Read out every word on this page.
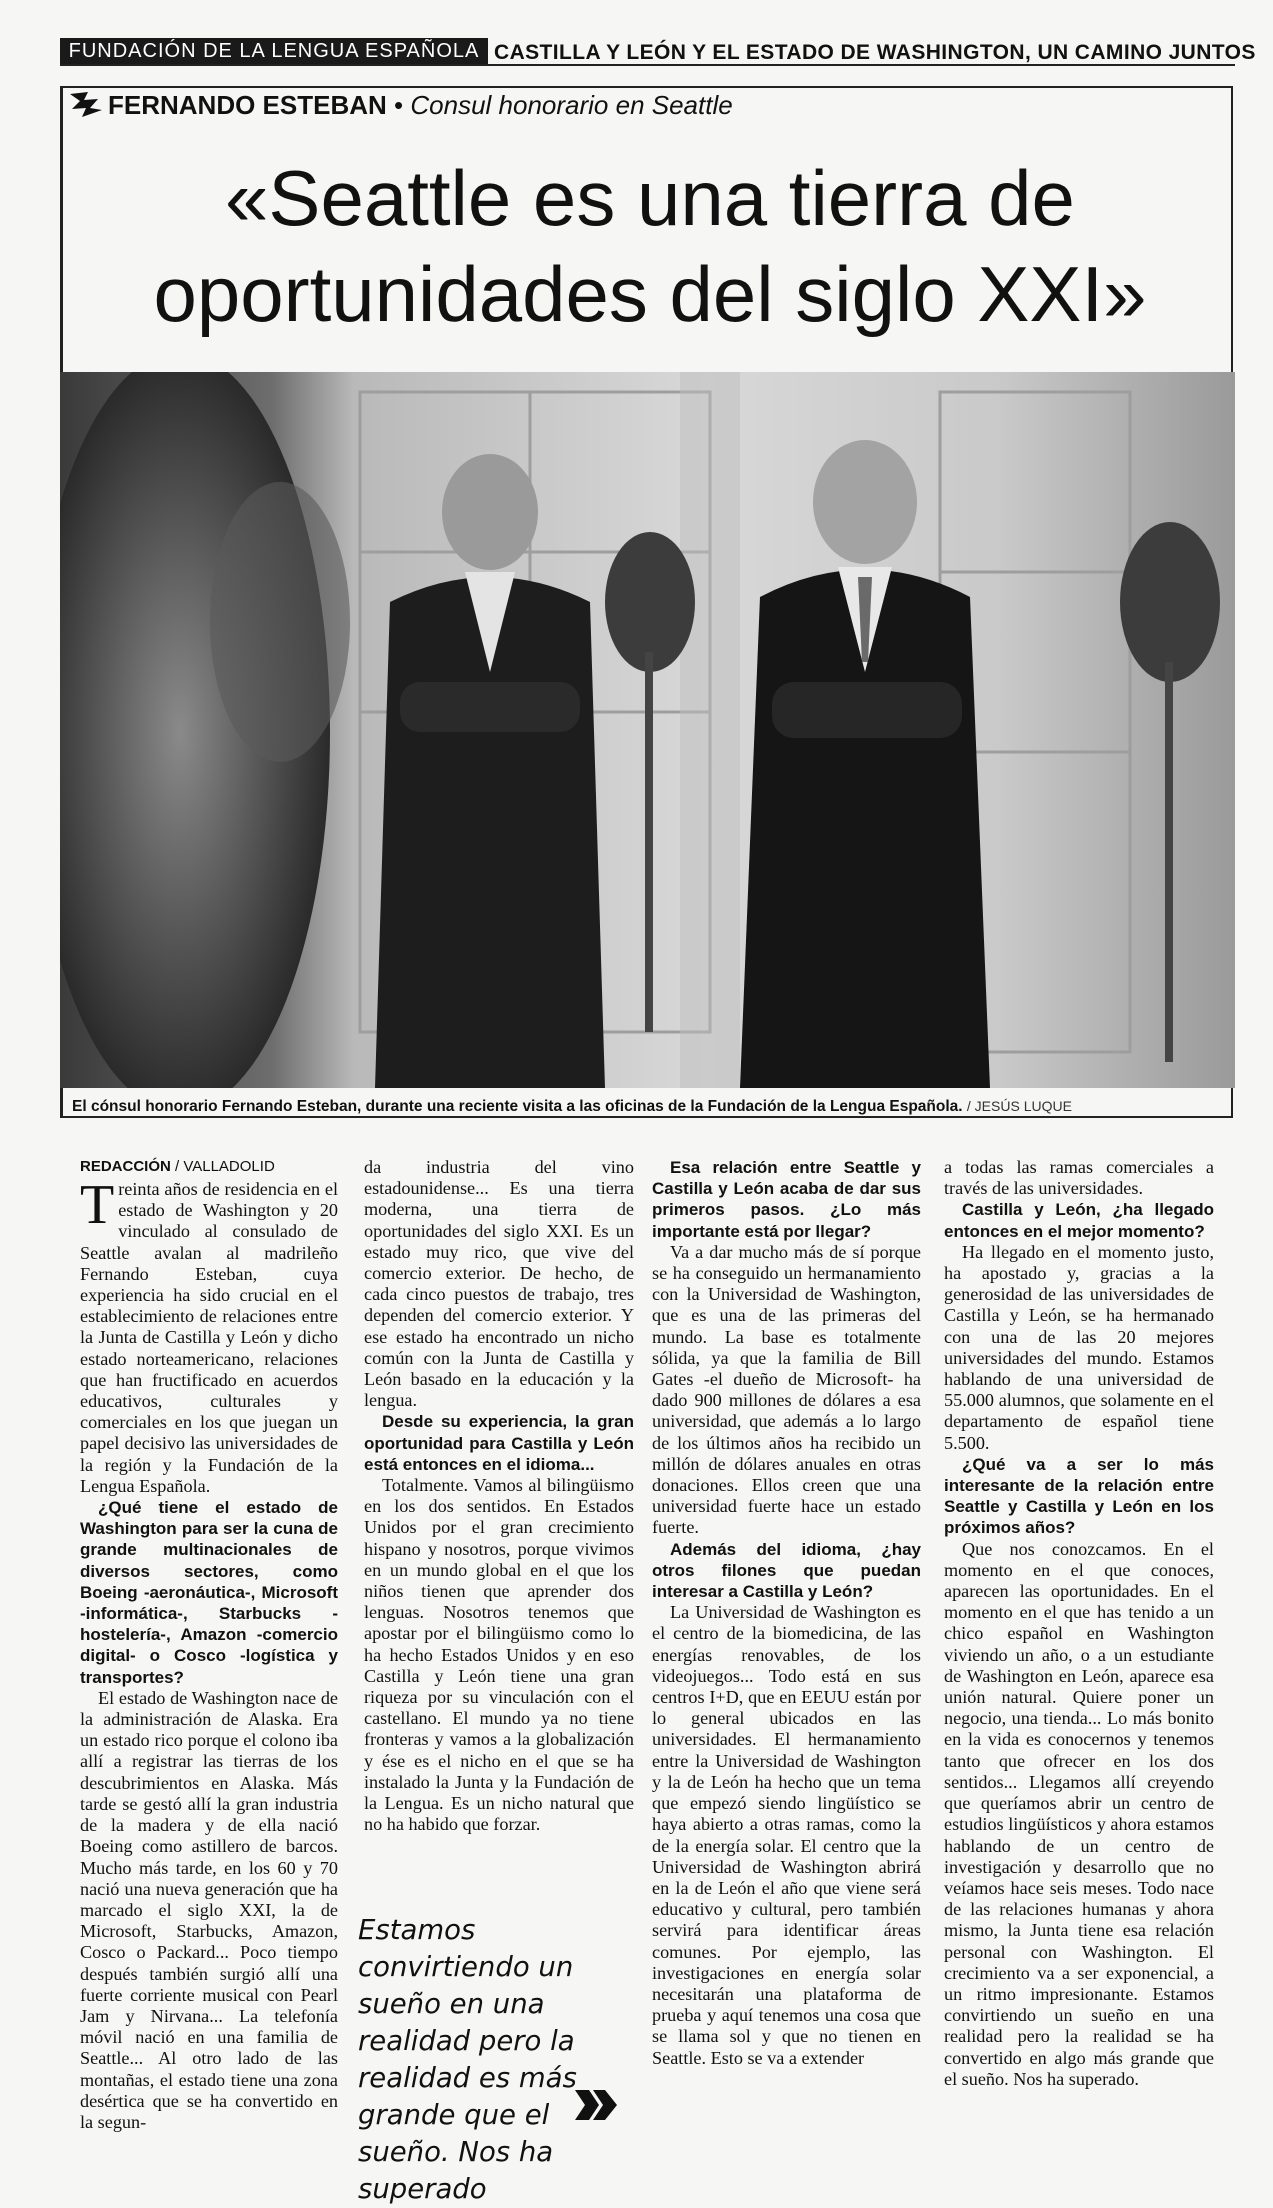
FUNDACIÓN DE LA LENGUA ESPAÑOLA CASTILLA Y LEÓN Y EL ESTADO DE WASHINGTON, UN CAMINO JUNTOS
FERNANDO ESTEBAN • Consul honorario en Seattle
«Seattle es una tierra de oportunidades del siglo XXI»
El cónsul honorario Fernando Esteban, durante una reciente visita a las oficinas de la Fundación de la Lengua Española. / JESÚS LUQUE
REDACCIÓN / VALLADOLID

Treinta años de residencia en el estado de Washington y 20 vinculado al consulado de Seattle avalan al madrileño Fernando Esteban, cuya experiencia ha sido crucial en el establecimiento de relaciones entre la Junta de Castilla y León y dicho estado norteamericano, relaciones que han fructificado en acuerdos educativos, culturales y comerciales en los que juegan un papel decisivo las universidades de la región y la Fundación de la Lengua Española.

¿Qué tiene el estado de Washington para ser la cuna de grande multinacionales de diversos sectores, como Boeing -aeronáutica-, Microsoft -informática-, Starbucks -hostelería-, Amazon -comercio digital- o Cosco -logística y transportes?

El estado de Washington nace de la administración de Alaska. Era un estado rico porque el colono iba allí a registrar las tierras de los descubrimientos en Alaska. Más tarde se gestó allí la gran industria de la madera y de ella nació Boeing como astillero de barcos. Mucho más tarde, en los 60 y 70 nació una nueva generación que ha marcado el siglo XXI, la de Microsoft, Starbucks, Amazon, Cosco o Packard... Poco tiempo después también surgió allí una fuerte corriente musical con Pearl Jam y Nirvana... La telefonía móvil nació en una familia de Seattle... Al otro lado de las montañas, el estado tiene una zona desértica que se ha convertido en la segun-

da industria del vino estadounidense... Es una tierra moderna, una tierra de oportunidades del siglo XXI. Es un estado muy rico, que vive del comercio exterior. De hecho, de cada cinco puestos de trabajo, tres dependen del comercio exterior. Y ese estado ha encontrado un nicho común con la Junta de Castilla y León basado en la educación y la lengua.

Desde su experiencia, la gran oportunidad para Castilla y León está entonces en el idioma...

Totalmente. Vamos al bilingüismo en los dos sentidos. En Estados Unidos por el gran crecimiento hispano y nosotros, porque vivimos en un mundo global en el que los niños tienen que aprender dos lenguas. Nosotros tenemos que apostar por el bilingüismo como lo ha hecho Estados Unidos y en eso Castilla y León tiene una gran riqueza por su vinculación con el castellano. El mundo ya no tiene fronteras y vamos a la globalización y ése es el nicho en el que se ha instalado la Junta y la Fundación de la Lengua. Es un nicho natural que no ha habido que forzar.

Estamos convirtiendo un sueño en una realidad pero la realidad es más grande que el sueño. Nos ha superado

Esa relación entre Seattle y Castilla y León acaba de dar sus primeros pasos. ¿Lo más importante está por llegar?

Va a dar mucho más de sí porque se ha conseguido un hermanamiento con la Universidad de Washington, que es una de las primeras del mundo. La base es totalmente sólida, ya que la familia de Bill Gates -el dueño de Microsoft- ha dado 900 millones de dólares a esa universidad, que además a lo largo de los últimos años ha recibido un millón de dólares anuales en otras donaciones. Ellos creen que una universidad fuerte hace un estado fuerte.

Además del idioma, ¿hay otros filones que puedan interesar a Castilla y León?

La Universidad de Washington es el centro de la biomedicina, de las energías renovables, de los videojuegos... Todo está en sus centros I+D, que en EEUU están por lo general ubicados en las universidades. El hermanamiento entre la Universidad de Washington y la de León ha hecho que un tema que empezó siendo lingüístico se haya abierto a otras ramas, como la de la energía solar. El centro que la Universidad de Washington abrirá en la de León el año que viene será educativo y cultural, pero también servirá para identificar áreas comunes. Por ejemplo, las investigaciones en energía solar necesitarán una plataforma de prueba y aquí tenemos una cosa que se llama sol y que no tienen en Seattle. Esto se va a extender

a todas las ramas comerciales a través de las universidades.

Castilla y León, ¿ha llegado entonces en el mejor momento?

Ha llegado en el momento justo, ha apostado y, gracias a la generosidad de las universidades de Castilla y León, se ha hermanado con una de las 20 mejores universidades del mundo. Estamos hablando de una universidad de 55.000 alumnos, que solamente en el departamento de español tiene 5.500.

¿Qué va a ser lo más interesante de la relación entre Seattle y Castilla y León en los próximos años?

Que nos conozcamos. En el momento en el que conoces, aparecen las oportunidades. En el momento en el que has tenido a un chico español en Washington viviendo un año, o a un estudiante de Washington en León, aparece esa unión natural. Quiere poner un negocio, una tienda... Lo más bonito en la vida es conocernos y tenemos tanto que ofrecer en los dos sentidos... Llegamos allí creyendo que queríamos abrir un centro de estudios lingüísticos y ahora estamos hablando de un centro de investigación y desarrollo que no veíamos hace seis meses. Todo nace de las relaciones humanas y ahora mismo, la Junta tiene esa relación personal con Washington. El crecimiento va a ser exponencial, a un ritmo impresionante. Estamos convirtiendo un sueño en una realidad pero la realidad se ha convertido en algo más grande que el sueño. Nos ha superado.
